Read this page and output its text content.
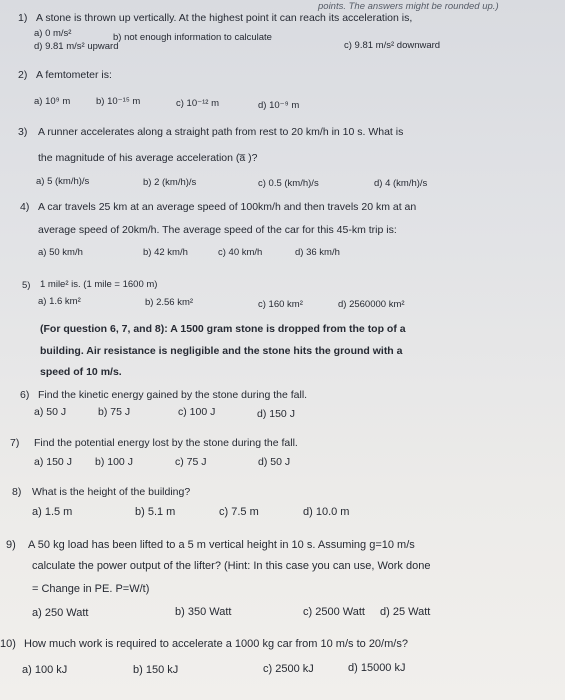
points. The answers might be rounded up.)
1) A stone is thrown up vertically. At the highest point it can reach its acceleration is,
a) 0 m/s²	b) not enough information to calculate
c) 9.81 m/s² downward
d) 9.81 m/s² upward
2) A femtometer is:
a) 10⁹ m	b) 10⁻¹⁵ m	c) 10⁻¹² m	d) 10⁻⁹ m
3) A runner accelerates along a straight path from rest to 20 km/h in 10 s. What is
the magnitude of his average acceleration (a̅ )?
a) 5 (km/h)/s	b) 2 (km/h)/s	c) 0.5 (km/h)/s	d) 4 (km/h)/s
4) A car travels 25 km at an average speed of 100km/h and then travels 20 km at an
average speed of 20km/h. The average speed of the car for this 45-km trip is:
a) 50 km/h	b) 42 km/h	c) 40 km/h	d) 36 km/h
5) 1 mile² is. (1 mile = 1600 m)
a) 1.6 km²	b) 2.56 km²	c) 160 km²	d) 2560000 km²
(For question 6, 7, and 8): A 1500 gram stone is dropped from the top of a
building. Air resistance is negligible and the stone hits the ground with a
speed of 10 m/s.
6) Find the kinetic energy gained by the stone during the fall.
a) 50 J	b) 75 J	c) 100 J	d) 150 J
7) Find the potential energy lost by the stone during the fall.
a) 150 J b) 100 J	c) 75 J	d) 50 J
8) What is the height of the building?
a) 1.5 m	b) 5.1 m	c) 7.5 m	d) 10.0 m
9) A 50 kg load has been lifted to a 5 m vertical height in 10 s. Assuming g=10 m/s
calculate the power output of the lifter? (Hint: In this case you can use, Work done
= Change in PE. P=W/t)
a) 250 Watt	b) 350 Watt	c) 2500 Watt d) 25 Watt
10) How much work is required to accelerate a 1000 kg car from 10 m/s to 20/m/s?
a) 100 kJ	b) 150 kJ	c) 2500 kJ	d) 15000 kJ
